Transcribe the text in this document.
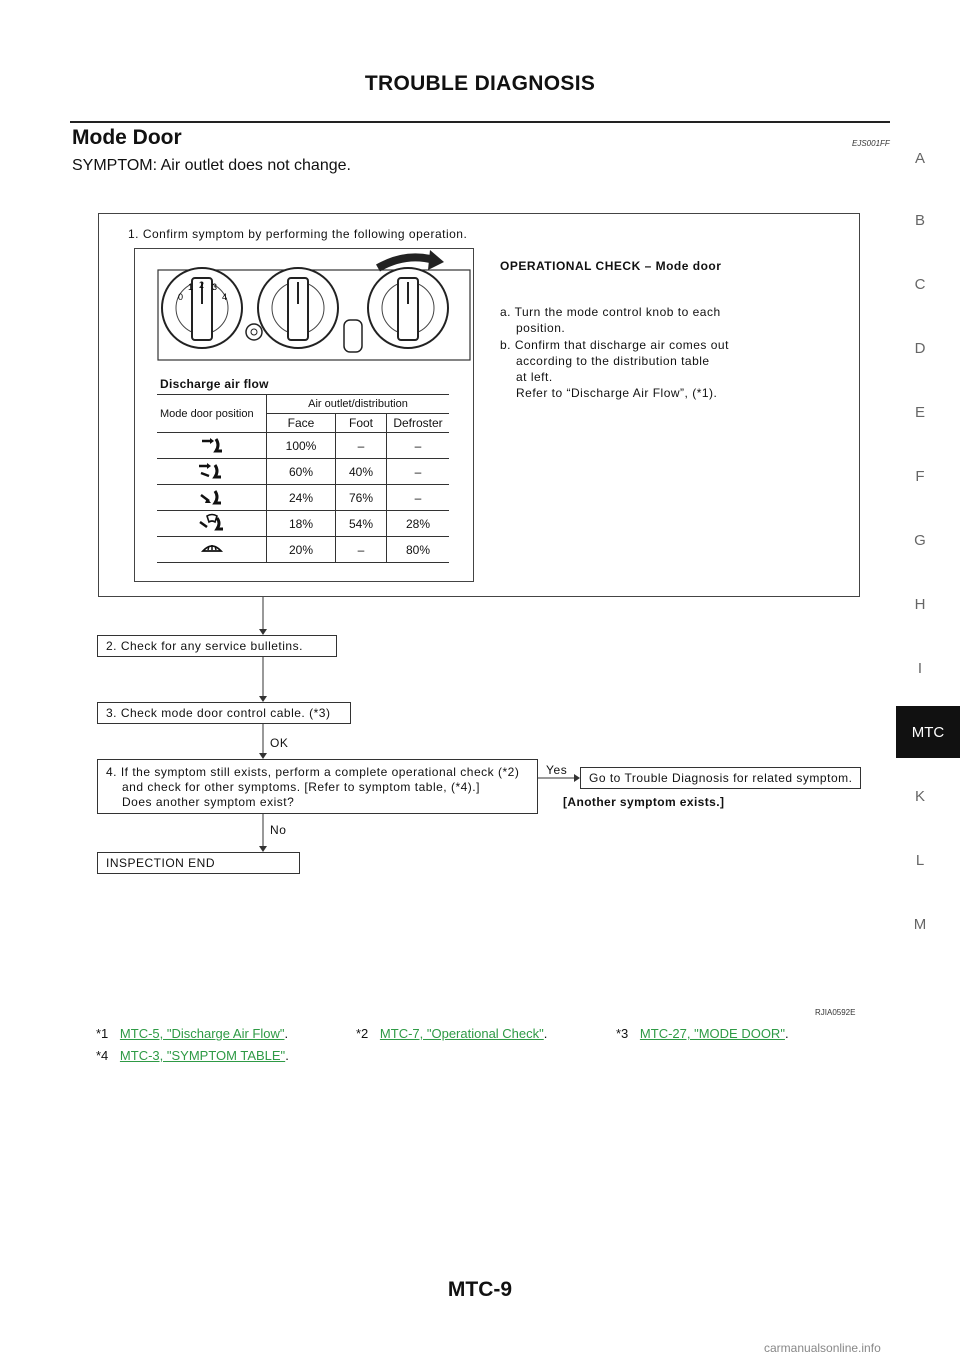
TROUBLE DIAGNOSIS
Mode Door	EJS001FF
SYMPTOM: Air outlet does not change.	A
B
C
D
E
F
G
H
I
MTC
K
L
M
1. Confirm symptom by performing the following operation.
0
1 2 3
4
OPERATIONAL CHECK – Mode door
a. Turn the mode control knob to each
position.
b. Confirm that discharge air comes out
according to the distribution table
at left.
Refer to “Discharge Air Flow”, (*1).
Discharge air flow
Mode door position	Air outlet/distribution		
	Face	Foot	Defroster
	100%	–	–
	60%	40%	–
	24%	76%	–
	18%	54%	28%
	20%	–	80%
2. Check for any service bulletins.
3. Check mode door control cable. (*3)
OK
4. If the symptom still exists, perform a complete operational check (*2)
and check for other symptoms. [Refer to symptom table, (*4).]
Does another symptom exist?
Yes
Go to Trouble Diagnosis for related symptom.
[Another symptom exists.]
No
INSPECTION END
RJIA0592E
*1 MTC-5, "Discharge Air Flow".	*2 MTC-7, "Operational Check".	*3 MTC-27, "MODE DOOR".
*4 MTC-3, "SYMPTOM TABLE".
MTC-9
carmanualsonline.info
